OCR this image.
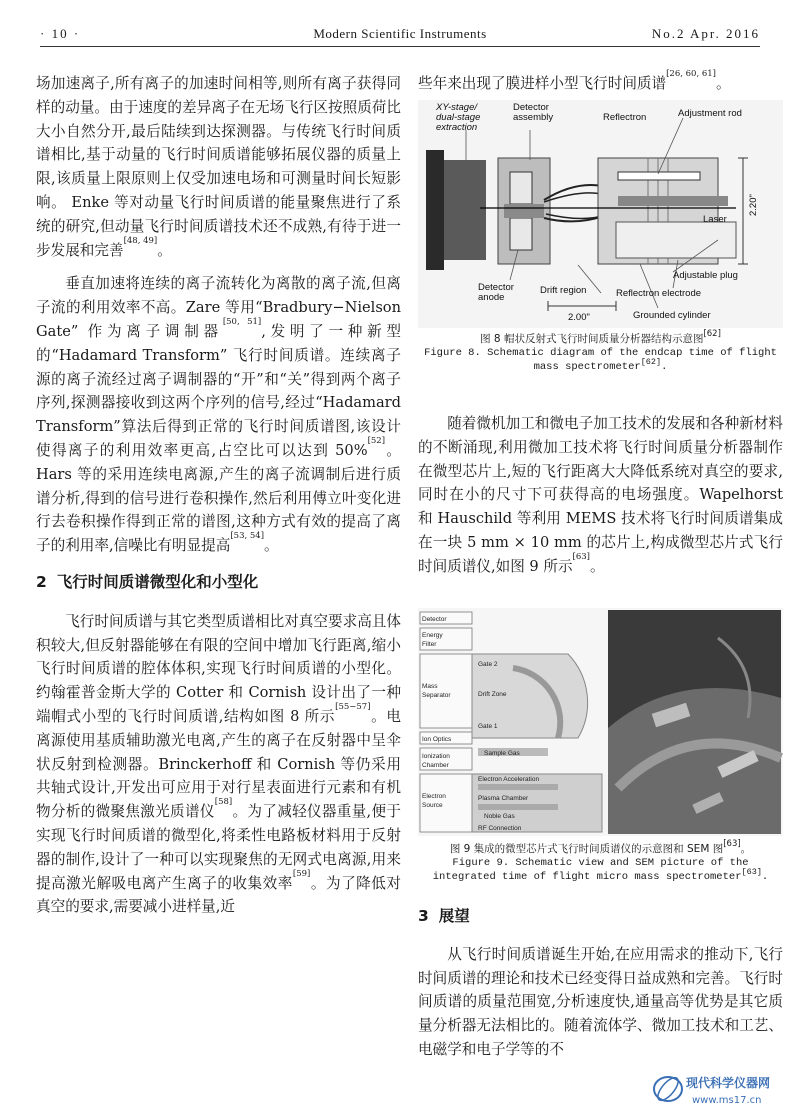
· 10 ·	Modern Scientific Instruments	No.2 Apr. 2016

场加速离子,所有离子的加速时间相等,则所有离子获得同样的动量。由于速度的差异离子在无场飞行区按照质荷比大小自然分开,最后陆续到达探测器。与传统飞行时间质谱相比,基于动量的飞行时间质谱能够拓展仪器的质量上限,该质量上限原则上仅受加速电场和可测量时间长短影响。 Enke 等对动量飞行时间质谱的能量聚焦进行了系统的研究,但动量飞行时间质谱技术还不成熟,有待于进一步发展和完善[48, 49]。

垂直加速将连续的离子流转化为离散的离子流,但离子流的利用效率不高。Zare 等用“Bradbury−Nielson Gate” 作为离子调制器[50, 51],发明了一种新型的“Hadamard Transform” 飞行时间质谱。连续离子源的离子流经过离子调制器的“开”和“关”得到两个离子序列,探测器接收到这两个序列的信号,经过“Hadamard Transform”算法后得到正常的飞行时间质谱图,该设计使得离子的利用效率更高,占空比可以达到 50%[52]。Hars 等的采用连续电离源,产生的离子流调制后进行质谱分析,得到的信号进行卷积操作,然后利用傅立叶变化进行去卷积操作得到正常的谱图,这种方式有效的提高了离子的利用率,信噪比有明显提高[53, 54]。

2 飞行时间质谱微型化和小型化

飞行时间质谱与其它类型质谱相比对真空要求高且体积较大,但反射器能够在有限的空间中增加飞行距离,缩小飞行时间质谱的腔体体积,实现飞行时间质谱的小型化。约翰霍普金斯大学的 Cotter 和 Cornish 设计出了一种端帽式小型的飞行时间质谱,结构如图 8 所示[55−57]。电离源使用基质辅助激光电离,产生的离子在反射器中呈伞状反射到检测器。Brinckerhoff 和 Cornish 等仍采用共轴式设计,开发出可应用于对行星表面进行元素和有机物分析的微聚焦激光质谱仪[58]。为了减轻仪器重量,便于实现飞行时间质谱的微型化,将柔性电路板材料用于反射器的制作,设计了一种可以实现聚焦的无网式电离源,用来提高激光解吸电离产生离子的收集效率[59]。为了降低对真空的要求,需要减小进样量,近

些年来出现了膜进样小型飞行时间质谱[26, 60, 61]。

XY-stage/
dual-stage
extraction
Detector
assembly	Reflectron	Adjustment rod
Laser
2.20"
Adjustable plug
Reflectron electrode
Detector
anode
Drift region
2.00"	Grounded cylinder
图 8 帽状反射式飞行时间质量分析器结构示意图[62]
Figure 8. Schematic diagram of the endcap time of flight
mass spectrometer[62].

随着微机加工和微电子加工技术的发展和各种新材料的不断涌现,利用微加工技术将飞行时间质量分析器制作在微型芯片上,短的飞行距离大大降低系统对真空的要求,同时在小的尺寸下可获得高的电场强度。Wapelhorst 和 Hauschild 等利用 MEMS 技术将飞行时间质谱集成在一块 5 mm × 10 mm 的芯片上,构成微型芯片式飞行时间质谱仪,如图 9 所示[63]。

Detector
Energy
Filter
Mass
Separator
Gate 2
Drift Zone
Gate 1
Ion Optics
Ionization
Chamber
Electron
Source
Electron Acceleration
Plasma Chamber
RF Connection
Sample Gas
Noble Gas
图 9 集成的微型芯片式飞行时间质谱仪的示意图和 SEM 图[63]。
Figure 9. Schematic view and SEM picture of the
integrated time of flight micro mass spectrometer[63].
3 展望

从飞行时间质谱诞生开始,在应用需求的推动下,飞行时间质谱的理论和技术已经变得日益成熟和完善。飞行时间质谱的质量范围宽,分析速度快,通量高等优势是其它质量分析器无法相比的。随着流体学、微加工技术和工艺、电磁学和电子学等的不

现代科学仪器网
www.ms17.cn
